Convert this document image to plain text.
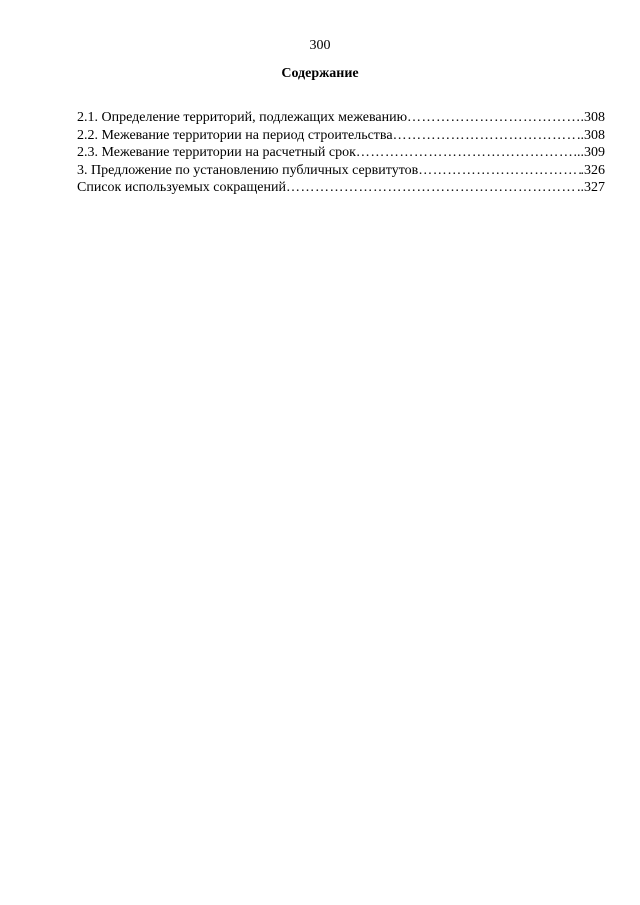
300
Содержание
2.1. Определение территорий, подлежащих межеванию ………………………………………………………………………………………………………………………………	.308
2.2. Межевание территории на период строительства ………………………………………………………………………………………………………………………………	..308
2.3. Межевание территории на расчетный срок ………………………………………………………………………………………………………………………………	...309
3. Предложение по установлению публичных сервитутов ………………………………………………………………………………………………………………………………	.326
Список используемых сокращений ………………………………………………………………………………………………………………………………	..327
